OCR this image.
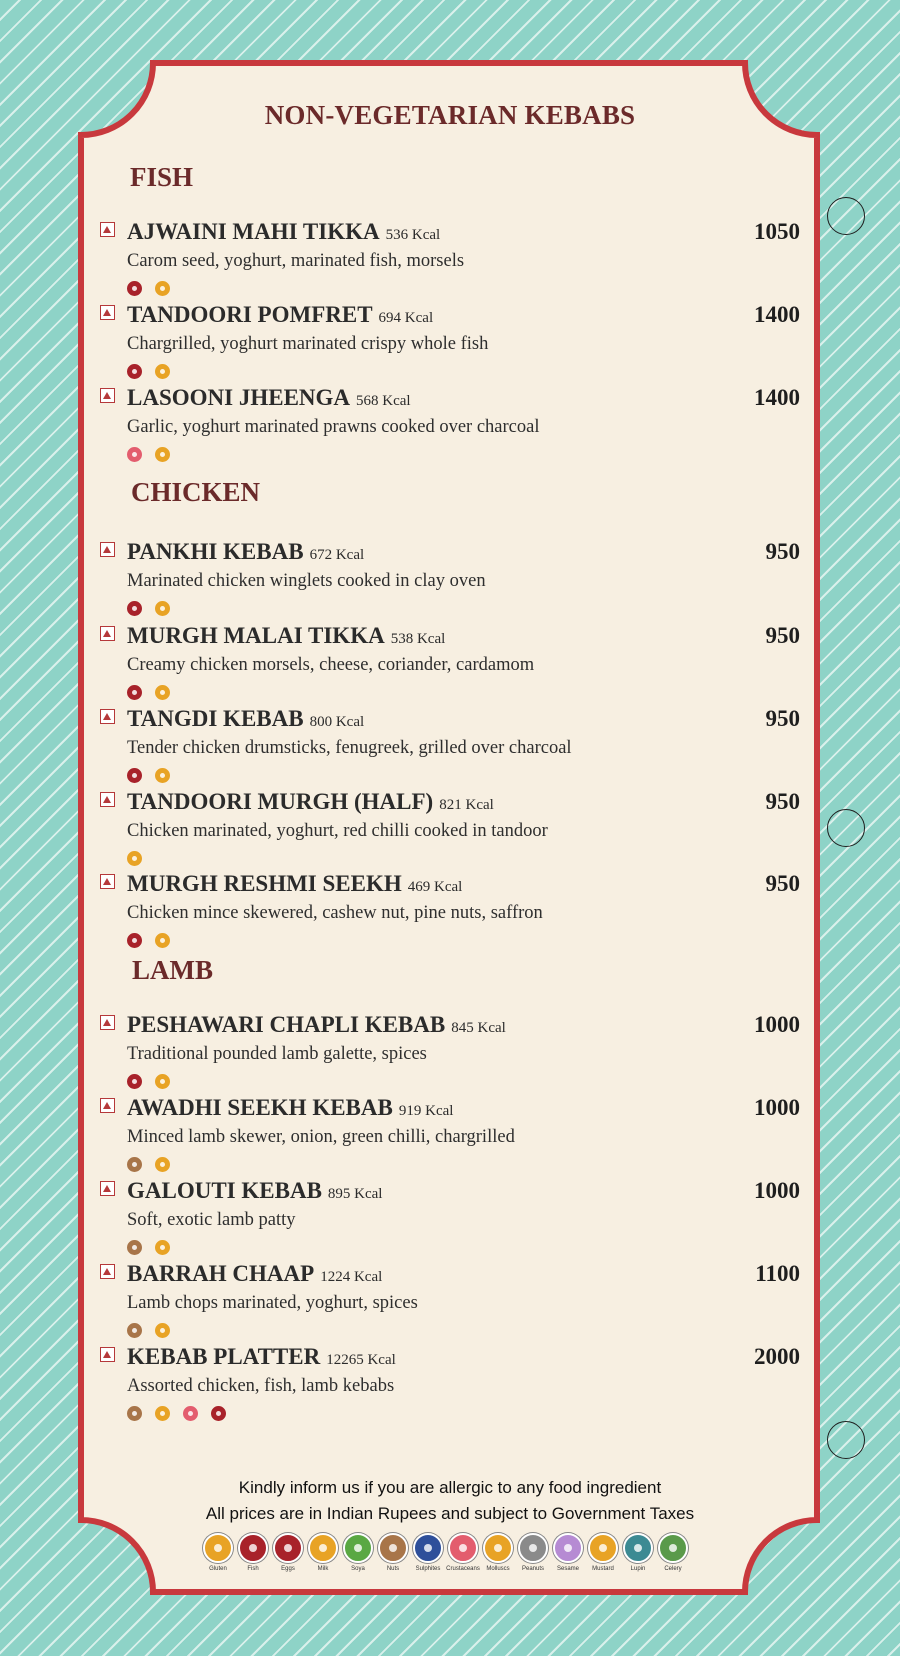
NON-VEGETARIAN KEBABS
FISH
AJWAINI MAHI TIKKA 536 Kcal	1050
Carom seed, yoghurt, marinated fish, morsels
TANDOORI POMFRET 694 Kcal	1400
Chargrilled, yoghurt marinated crispy whole fish
LASOONI JHEENGA 568 Kcal	1400
Garlic, yoghurt marinated prawns cooked over charcoal
CHICKEN
PANKHI KEBAB 672 Kcal	950
Marinated chicken winglets cooked in clay oven
MURGH MALAI TIKKA 538 Kcal	950
Creamy chicken morsels, cheese, coriander, cardamom
TANGDI KEBAB 800 Kcal	950
Tender chicken drumsticks, fenugreek, grilled over charcoal
TANDOORI MURGH (HALF) 821 Kcal	950
Chicken marinated, yoghurt, red chilli cooked in tandoor
MURGH RESHMI SEEKH 469 Kcal	950
Chicken mince skewered, cashew nut, pine nuts, saffron
LAMB
PESHAWARI CHAPLI KEBAB 845 Kcal	1000
Traditional pounded lamb galette, spices
AWADHI SEEKH KEBAB 919 Kcal	1000
Minced lamb skewer, onion, green chilli, chargrilled
GALOUTI KEBAB 895 Kcal	1000
Soft, exotic lamb patty
BARRAH CHAAP 1224 Kcal	1100
Lamb chops marinated, yoghurt, spices
KEBAB PLATTER 12265 Kcal	2000
Assorted chicken, fish, lamb kebabs
Kindly inform us if you are allergic to any food ingredient
All prices are in Indian Rupees and subject to Government Taxes
Gluten	Fish	Eggs	Milk	Soya	Nuts	Sulphites Crustaceans	Molluscs	Peanuts	Sesame	Mustard	Lupin	Celery
